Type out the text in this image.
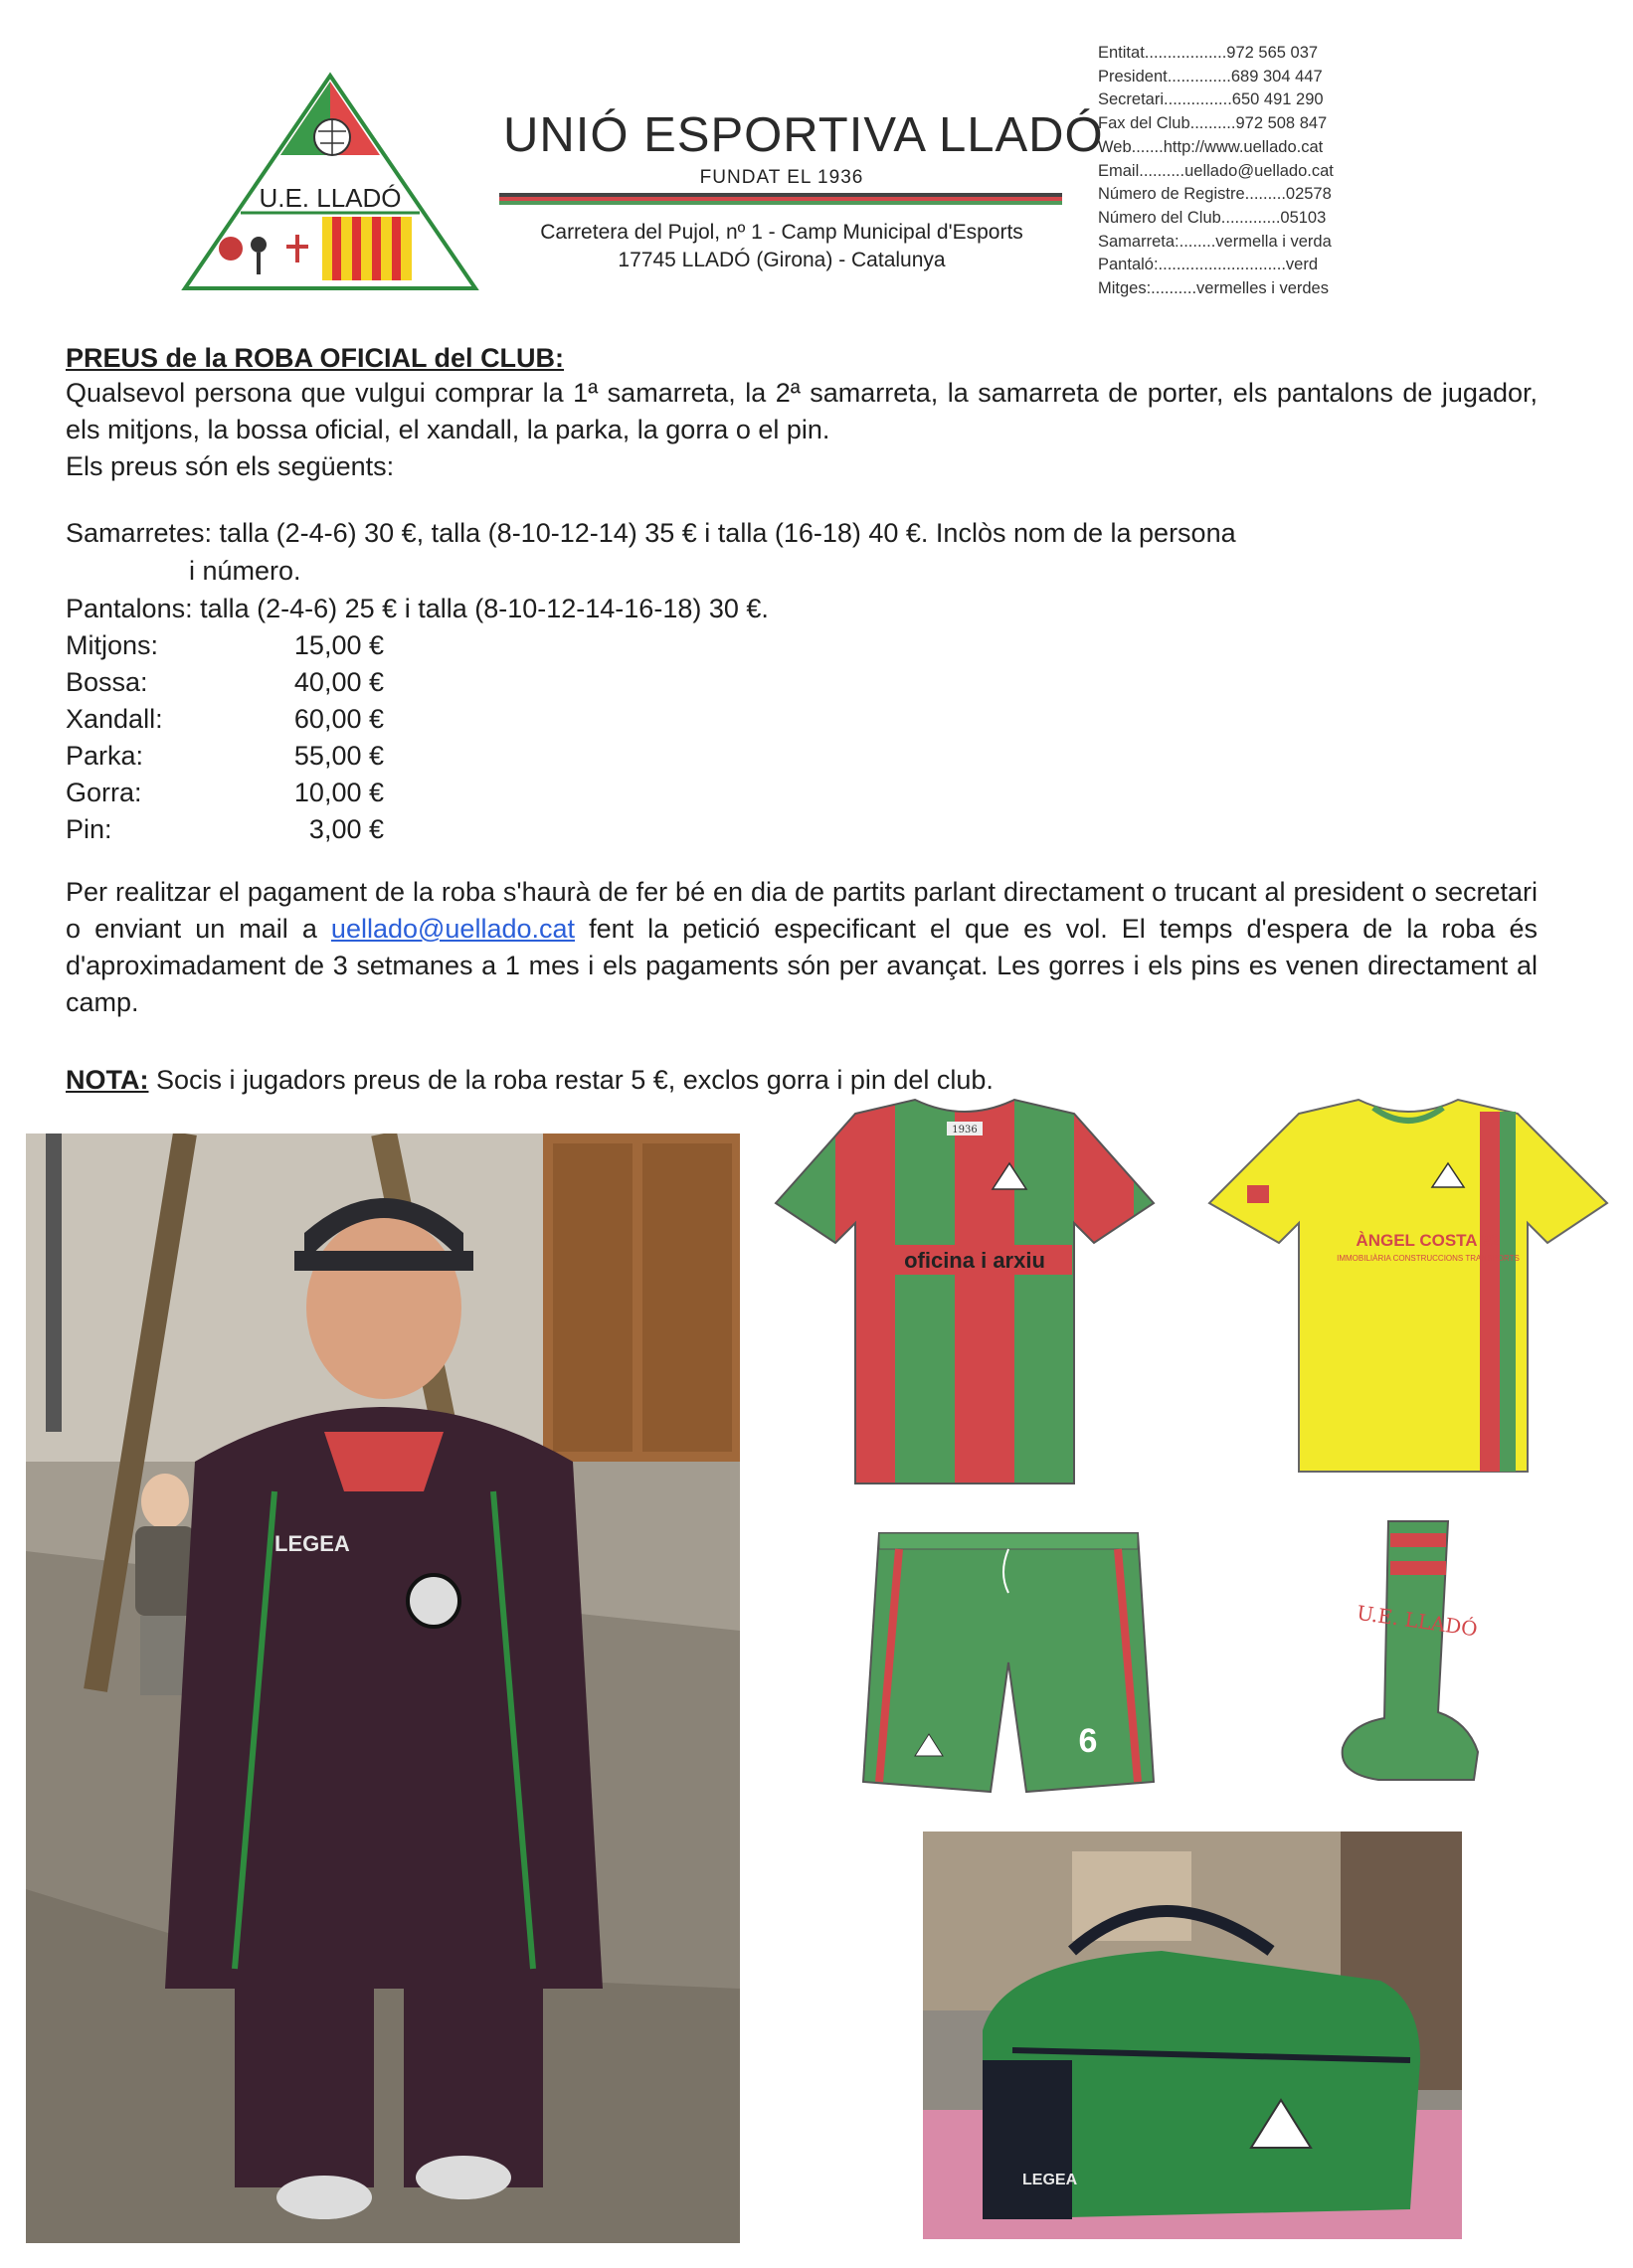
U.E. LLADÓ
UNIÓ ESPORTIVA LLADÓ
FUNDAT EL 1936
Carretera del Pujol, nº 1 - Camp Municipal d'Esports
17745 LLADÓ (Girona) - Catalunya
Entitat..................972 565 037
President..............689 304 447
Secretari...............650 491 290
Fax del Club..........972 508 847
Web.......http://www.uellado.cat
Email..........uellado@uellado.cat
Número de Registre.........02578
Número del Club.............05103
Samarreta:........vermella i verda
Pantaló:............................verd
Mitges:..........vermelles i verdes
PREUS de la ROBA OFICIAL del CLUB:
Qualsevol persona que vulgui comprar la 1ª samarreta, la 2ª samarreta, la samarreta de porter, els pantalons de jugador, els mitjons, la bossa oficial, el xandall, la parka, la gorra o el pin.
Els preus són els següents:
Samarretes: talla (2-4-6) 30 €, talla (8-10-12-14) 35 € i talla (16-18) 40 €. Inclòs nom de la persona
i número.
Pantalons: talla (2-4-6) 25 € i talla (8-10-12-14-16-18) 30 €.
Mitjons:	15,00 €
Bossa:	40,00 €
Xandall:	60,00 €
Parka:	55,00 €
Gorra:	10,00 €
Pin:	3,00 €
Per realitzar el pagament de la roba s'haurà de fer bé en dia de partits parlant directament o trucant al president o secretari o enviant un mail a uellado@uellado.cat fent la petició especificant el que es vol. El temps d'espera de la roba és d'aproximadament de 3 setmanes a 1 mes i els pagaments són per avançat. Les gorres i els pins es venen directament al camp.
NOTA: Socis i jugadors preus de la roba restar 5 €, exclos gorra i pin del club.
LEGEA
1936
oficina i arxiu
ÀNGEL COSTA 92
IMMOBILIÀRIA CONSTRUCCIONS TRANSPORTS
6
U.E. LLADÓ
LEGEA
